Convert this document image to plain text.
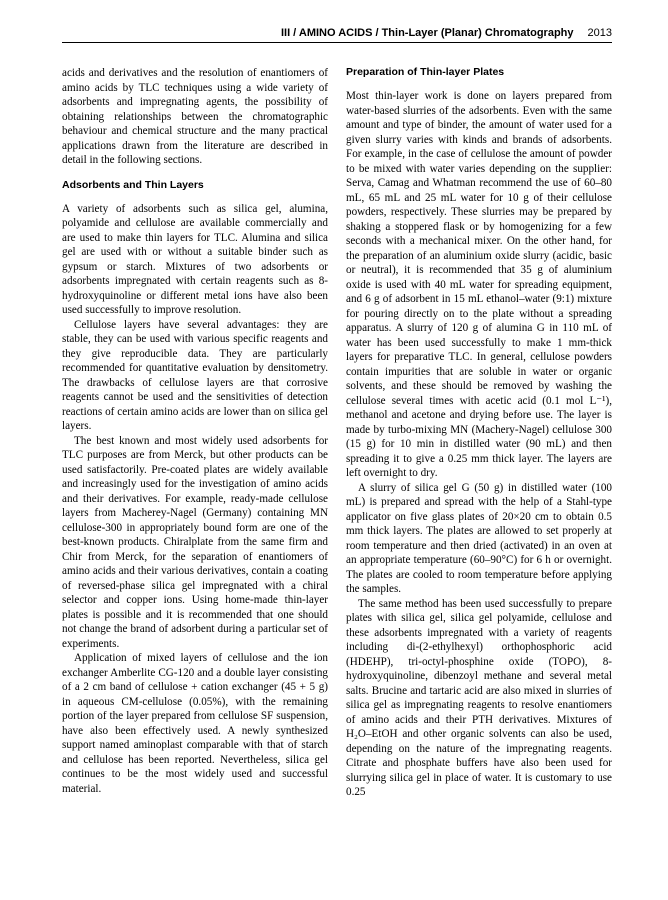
III / AMINO ACIDS / Thin-Layer (Planar) Chromatography 2013

acids and derivatives and the resolution of enantiomers of amino acids by TLC techniques using a wide variety of adsorbents and impregnating agents, the possibility of obtaining relationships between the chromatographic behaviour and chemical structure and the many practical applications drawn from the literature are described in detail in the following sections.

Adsorbents and Thin Layers

A variety of adsorbents such as silica gel, alumina, polyamide and cellulose are available commercially and are used to make thin layers for TLC. Alumina and silica gel are used with or without a suitable binder such as gypsum or starch. Mixtures of two adsorbents or adsorbents impregnated with certain reagents such as 8-hydroxyquinoline or different metal ions have also been used successfully to improve resolution.

Cellulose layers have several advantages: they are stable, they can be used with various specific reagents and they give reproducible data. They are particularly recommended for quantitative evaluation by densitometry. The drawbacks of cellulose layers are that corrosive reagents cannot be used and the sensitivities of detection reactions of certain amino acids are lower than on silica gel layers.

The best known and most widely used adsorbents for TLC purposes are from Merck, but other products can be used satisfactorily. Pre-coated plates are widely available and increasingly used for the investigation of amino acids and their derivatives. For example, ready-made cellulose layers from Macherey-Nagel (Germany) containing MN cellulose-300 in appropriately bound form are one of the best-known products. Chiralplate from the same firm and Chir from Merck, for the separation of enantiomers of amino acids and their various derivatives, contain a coating of reversed-phase silica gel impregnated with a chiral selector and copper ions. Using home-made thin-layer plates is possible and it is recommended that one should not change the brand of adsorbent during a particular set of experiments.

Application of mixed layers of cellulose and the ion exchanger Amberlite CG-120 and a double layer consisting of a 2 cm band of cellulose + cation exchanger (45 + 5 g) in aqueous CM-cellulose (0.05%), with the remaining portion of the layer prepared from cellulose SF suspension, have also been effectively used. A newly synthesized support named aminoplast comparable with that of starch and cellulose has been reported. Nevertheless, silica gel continues to be the most widely used and successful material.

Preparation of Thin-layer Plates

Most thin-layer work is done on layers prepared from water-based slurries of the adsorbents. Even with the same amount and type of binder, the amount of water used for a given slurry varies with kinds and brands of adsorbents. For example, in the case of cellulose the amount of powder to be mixed with water varies depending on the supplier: Serva, Camag and Whatman recommend the use of 60–80 mL, 65 mL and 25 mL water for 10 g of their cellulose powders, respectively. These slurries may be prepared by shaking a stoppered flask or by homogenizing for a few seconds with a mechanical mixer. On the other hand, for the preparation of an aluminium oxide slurry (acidic, basic or neutral), it is recommended that 35 g of aluminium oxide is used with 40 mL water for spreading equipment, and 6 g of adsorbent in 15 mL ethanol–water (9:1) mixture for pouring directly on to the plate without a spreading apparatus. A slurry of 120 g of alumina G in 110 mL of water has been used successfully to make 1 mm-thick layers for preparative TLC. In general, cellulose powders contain impurities that are soluble in water or organic solvents, and these should be removed by washing the cellulose several times with acetic acid (0.1 mol L⁻¹), methanol and acetone and drying before use. The layer is made by turbo-mixing MN (Machery-Nagel) cellulose 300 (15 g) for 10 min in distilled water (90 mL) and then spreading it to give a 0.25 mm thick layer. The layers are left overnight to dry.

A slurry of silica gel G (50 g) in distilled water (100 mL) is prepared and spread with the help of a Stahl-type applicator on five glass plates of 20×20 cm to obtain 0.5 mm thick layers. The plates are allowed to set properly at room temperature and then dried (activated) in an oven at an appropriate temperature (60–90°C) for 6 h or overnight. The plates are cooled to room temperature before applying the samples.

The same method has been used successfully to prepare plates with silica gel, silica gel polyamide, cellulose and these adsorbents impregnated with a variety of reagents including di-(2-ethylhexyl) orthophosphoric acid (HDEHP), tri-octyl-phosphine oxide (TOPO), 8-hydroxyquinoline, dibenzoyl methane and several metal salts. Brucine and tartaric acid are also mixed in slurries of silica gel as impregnating reagents to resolve enantiomers of amino acids and their PTH derivatives. Mixtures of H₂O–EtOH and other organic solvents can also be used, depending on the nature of the impregnating reagents. Citrate and phosphate buffers have also been used for slurrying silica gel in place of water. It is customary to use 0.25
